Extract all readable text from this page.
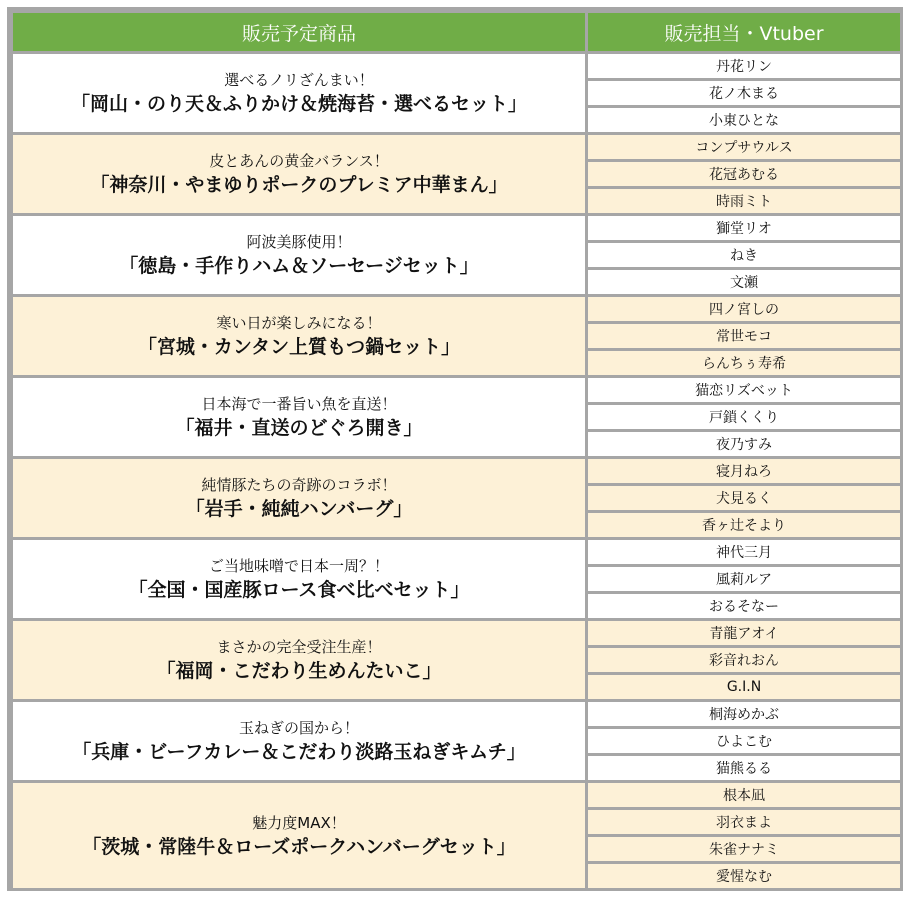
販売予定商品	販売担当・Vtuber

選べるノリざんまい！
「岡山・のり天＆ふりかけ＆焼海苔・選べるセット」	丹花リン
	花ノ木まる
	小東ひとな

皮とあんの黄金バランス！
「神奈川・やまゆりポークのプレミア中華まん」	コンプサウルス
	花冠あむる
	時雨ミト

阿波美豚使用！
「徳島・手作りハム＆ソーセージセット」	獅堂リオ
	ねき
	文瀬

寒い日が楽しみになる！
「宮城・カンタン上質もつ鍋セット」	四ノ宮しの
	常世モコ
	らんちぅ寿希

日本海で一番旨い魚を直送！
「福井・直送のどぐろ開き」	猫恋リズベット
	戸鎖くくり
	夜乃すみ

純情豚たちの奇跡のコラボ！
「岩手・純純ハンバーグ」	寝月ねろ
	犬見るく
	香ヶ辻そより

ご当地味噌で日本一周？！
「全国・国産豚ロース食べ比べセット」	神代三月
	風莉ルア
	おるそなー

まさかの完全受注生産！
「福岡・こだわり生めんたいこ」	青龍アオイ
	彩音れおん
	G.I.N

玉ねぎの国から！
「兵庫・ビーフカレー＆こだわり淡路玉ねぎキムチ」	桐海めかぶ
	ひよこむ
	猫熊るる

魅力度MAX！
「茨城・常陸牛＆ローズポークハンバーグセット」	根本凪
	羽衣まよ
	朱雀ナナミ
	愛惺なむ
